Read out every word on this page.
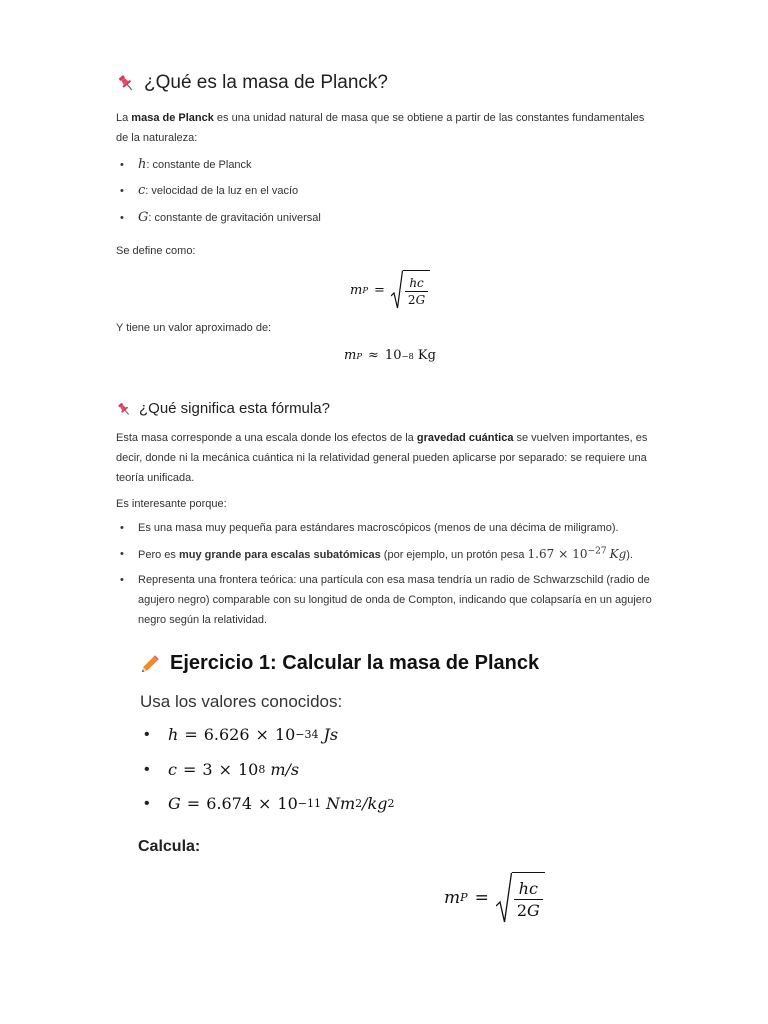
¿Qué es la masa de Planck?

La masa de Planck es una unidad natural de masa que se obtiene a partir de las constantes fundamentales de la naturaleza:

• h: constante de Planck
• c: velocidad de la luz en el vacío
• G: constante de gravitación universal

Se define como:

m $P = \frac{hc}{2G}$

Y tiene un valor aproximado de:

m P ≈ 10 −8 Kg
¿Qué significa esta fórmula?

Esta masa corresponde a una escala donde los efectos de la gravedad cuántica se vuelven importantes, es decir, donde ni la mecánica cuántica ni la relatividad general pueden aplicarse por separado: se requiere una teoría unificada.

Es interesante porque:

• Es una masa muy pequeña para estándares macroscópicos (menos de una décima de miligramo).
• Pero es muy grande para escalas subatómicas (por ejemplo, un protón pesa $1.67 \times 10^{-27}$ Kg).
• Representa una frontera teórica: una partícula con esa masa tendría un radio de Schwarzschild (radio de agujero negro) comparable con su longitud de onda de Compton, indicando que colapsaría en un agujero negro según la relatividad.
Ejercicio 1: Calcular la masa de Planck

Usa los valores conocidos:

• h = 6.626 × 10 −34 Js
• c = 3 × 10 8 m/s
• G = 6.674 × 10 −11 Nm 2 /kg 2

Calcula:

m $P = \frac{hc}{2G}$
